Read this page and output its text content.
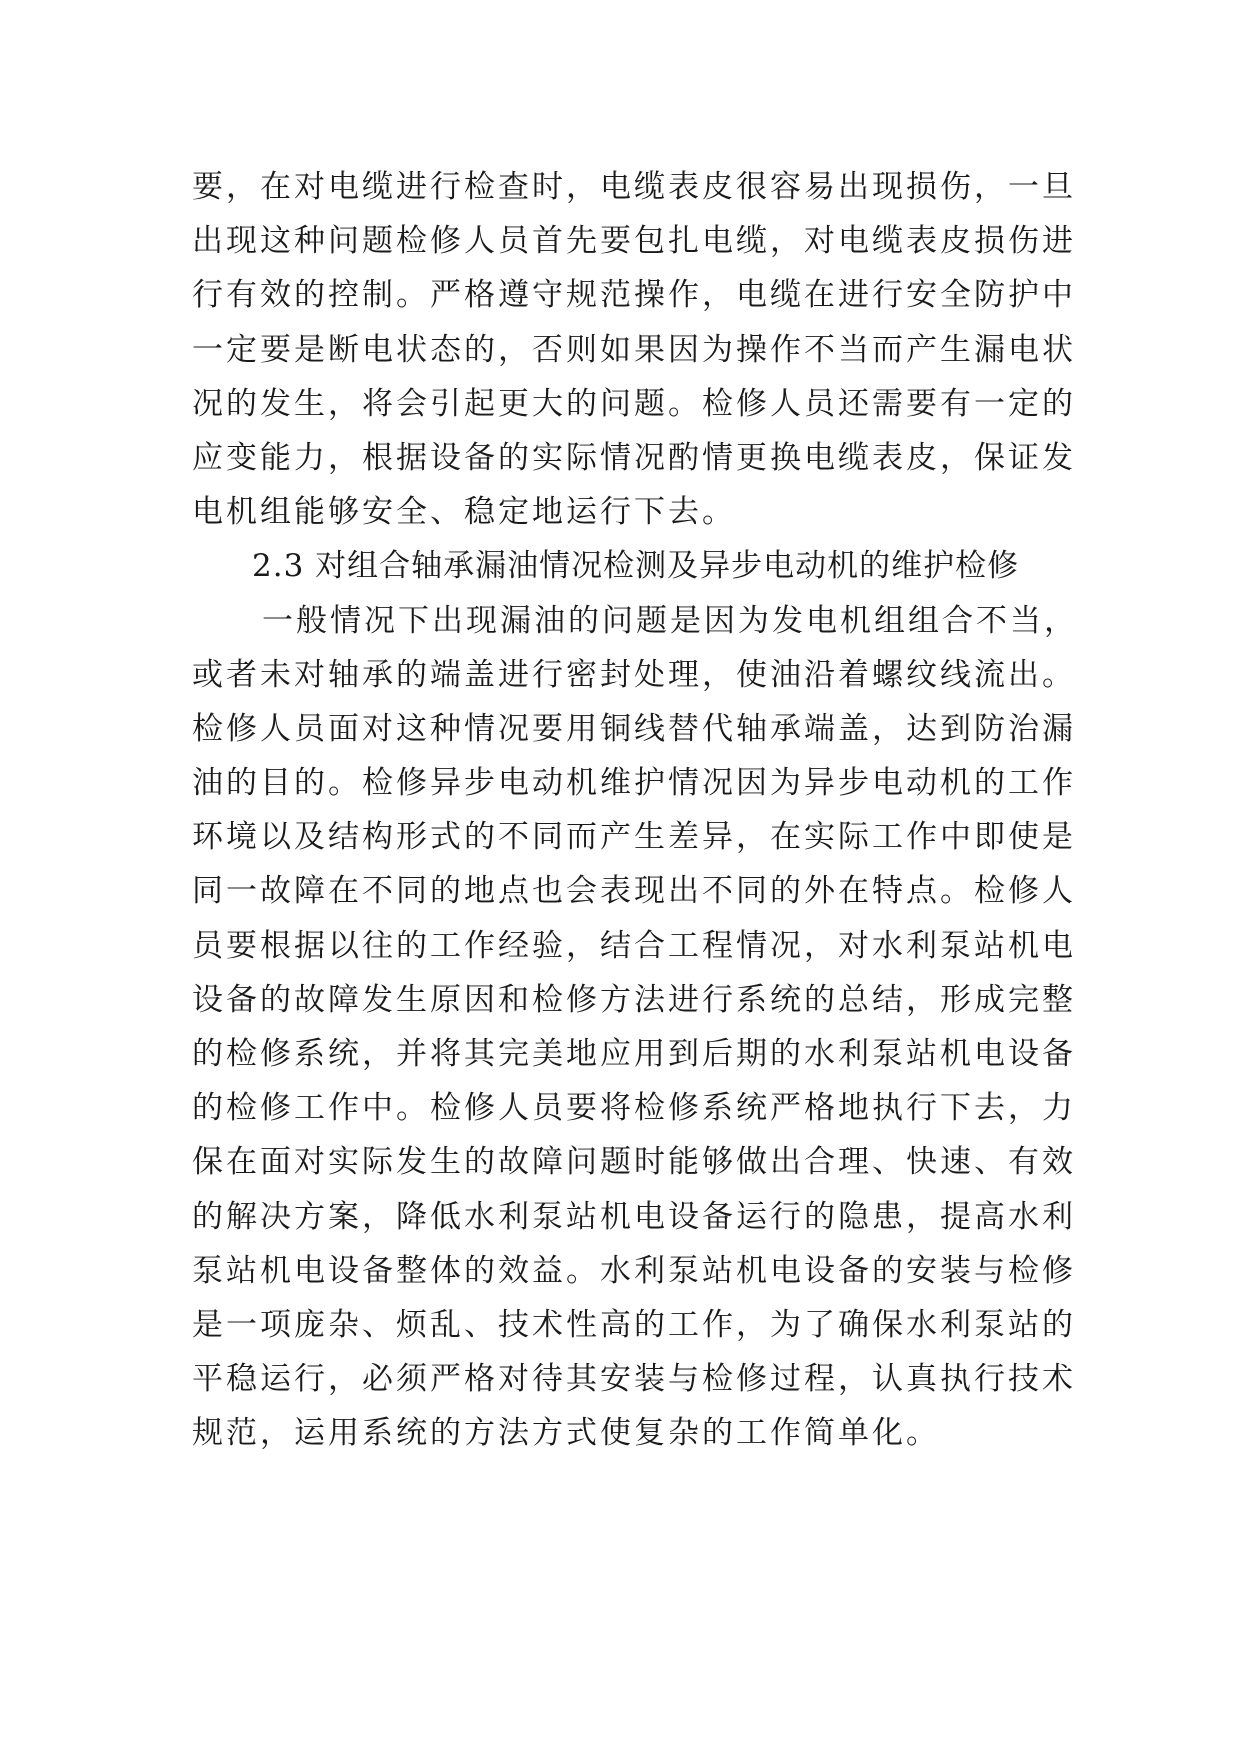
要，在对电缆进行检查时，电缆表皮很容易出现损伤，一旦
出现这种问题检修人员首先要包扎电缆，对电缆表皮损伤进
行有效的控制。严格遵守规范操作，电缆在进行安全防护中
一定要是断电状态的，否则如果因为操作不当而产生漏电状
况的发生，将会引起更大的问题。检修人员还需要有一定的
应变能力，根据设备的实际情况酌情更换电缆表皮，保证发
电机组能够安全、稳定地运行下去。
2.3 对组合轴承漏油情况检测及异步电动机的维护检修
一般情况下出现漏油的问题是因为发电机组组合不当，
或者未对轴承的端盖进行密封处理，使油沿着螺纹线流出。
检修人员面对这种情况要用铜线替代轴承端盖，达到防治漏
油的目的。检修异步电动机维护情况因为异步电动机的工作
环境以及结构形式的不同而产生差异，在实际工作中即使是
同一故障在不同的地点也会表现出不同的外在特点。检修人
员要根据以往的工作经验，结合工程情况，对水利泵站机电
设备的故障发生原因和检修方法进行系统的总结，形成完整
的检修系统，并将其完美地应用到后期的水利泵站机电设备
的检修工作中。检修人员要将检修系统严格地执行下去，力
保在面对实际发生的故障问题时能够做出合理、快速、有效
的解决方案，降低水利泵站机电设备运行的隐患，提高水利
泵站机电设备整体的效益。水利泵站机电设备的安装与检修
是一项庞杂、烦乱、技术性高的工作，为了确保水利泵站的
平稳运行，必须严格对待其安装与检修过程，认真执行技术
规范，运用系统的方法方式使复杂的工作简单化。
